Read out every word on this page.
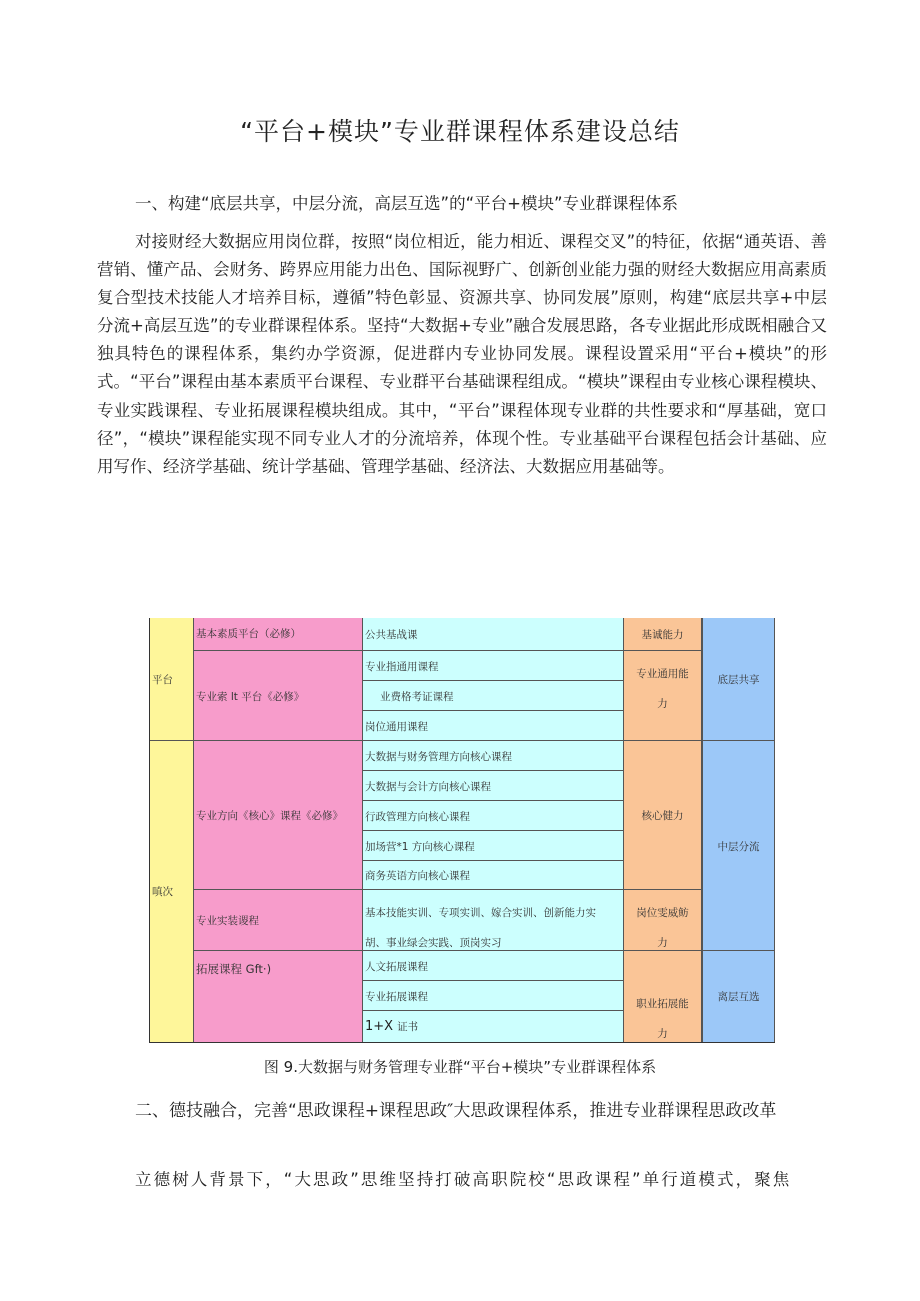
“平台+模块”专业群课程体系建设总结
一、构建“底层共享，中层分流，高层互选”的“平台+模块”专业群课程体系

对接财经大数据应用岗位群，按照“岗位相近，能力相近、课程交叉”的特征，依据“通英语、善营销、懂产品、会财务、跨界应用能力出色、国际视野广、创新创业能力强的财经大数据应用高素质复合型技术技能人才培养目标，遵循”特色彰显、资源共享、协同发展”原则，构建“底层共享+中层分流+高层互选”的专业群课程体系。坚持“大数据+专业”融合发展思路，各专业据此形成既相融合又独具特色的课程体系，集约办学资源，促进群内专业协同发展。课程设置采用“平台+模块”的形式。“平台”课程由基本素质平台课程、专业群平台基础课程组成。“模块”课程由专业核心课程模块、专业实践课程、专业拓展课程模块组成。其中，“平台”课程体现专业群的共性要求和“厚基础，宽口径”，“模块”课程能实现不同专业人才的分流培养，体现个性。专业基础平台课程包括会计基础、应用写作、经济学基础、统计学基础、管理学基础、经济法、大数据应用基础等。

平台
嗔次
基本素质平台（必修）
专业索 lt 平台《必修》
专业方向《核心》课程《必修》
专业实装谡程
拓展课程 Gft·)
公共基战课
专业指通用课程
业费格考证课程
岗位通用课程
大数据与财务管理方向核心课程
大数据与会计方向核心课程
行政管理方向核心课程
加场营*1 方向核心课程
商务英语方向核心课程
基本技能实训、专项实训、嫁合实训、创新能力实胡、事业绿会实践、顶岗实习
人文拓展课程
专业拓展课程
1+X 证书
基诚能力
专业通用能力
核心健力
岗位雯威鲂力
职业拓展能力
底层共享
中层分流
离层互选
图 9.大数据与财务管理专业群“平台+模块”专业群课程体系
二、德技融合，完善“思政课程+课程思政″大思政课程体系，推进专业群课程思政改革
立德树人背景下，“大思政”思维坚持打破高职院校“思政课程”单行道模式，聚焦
